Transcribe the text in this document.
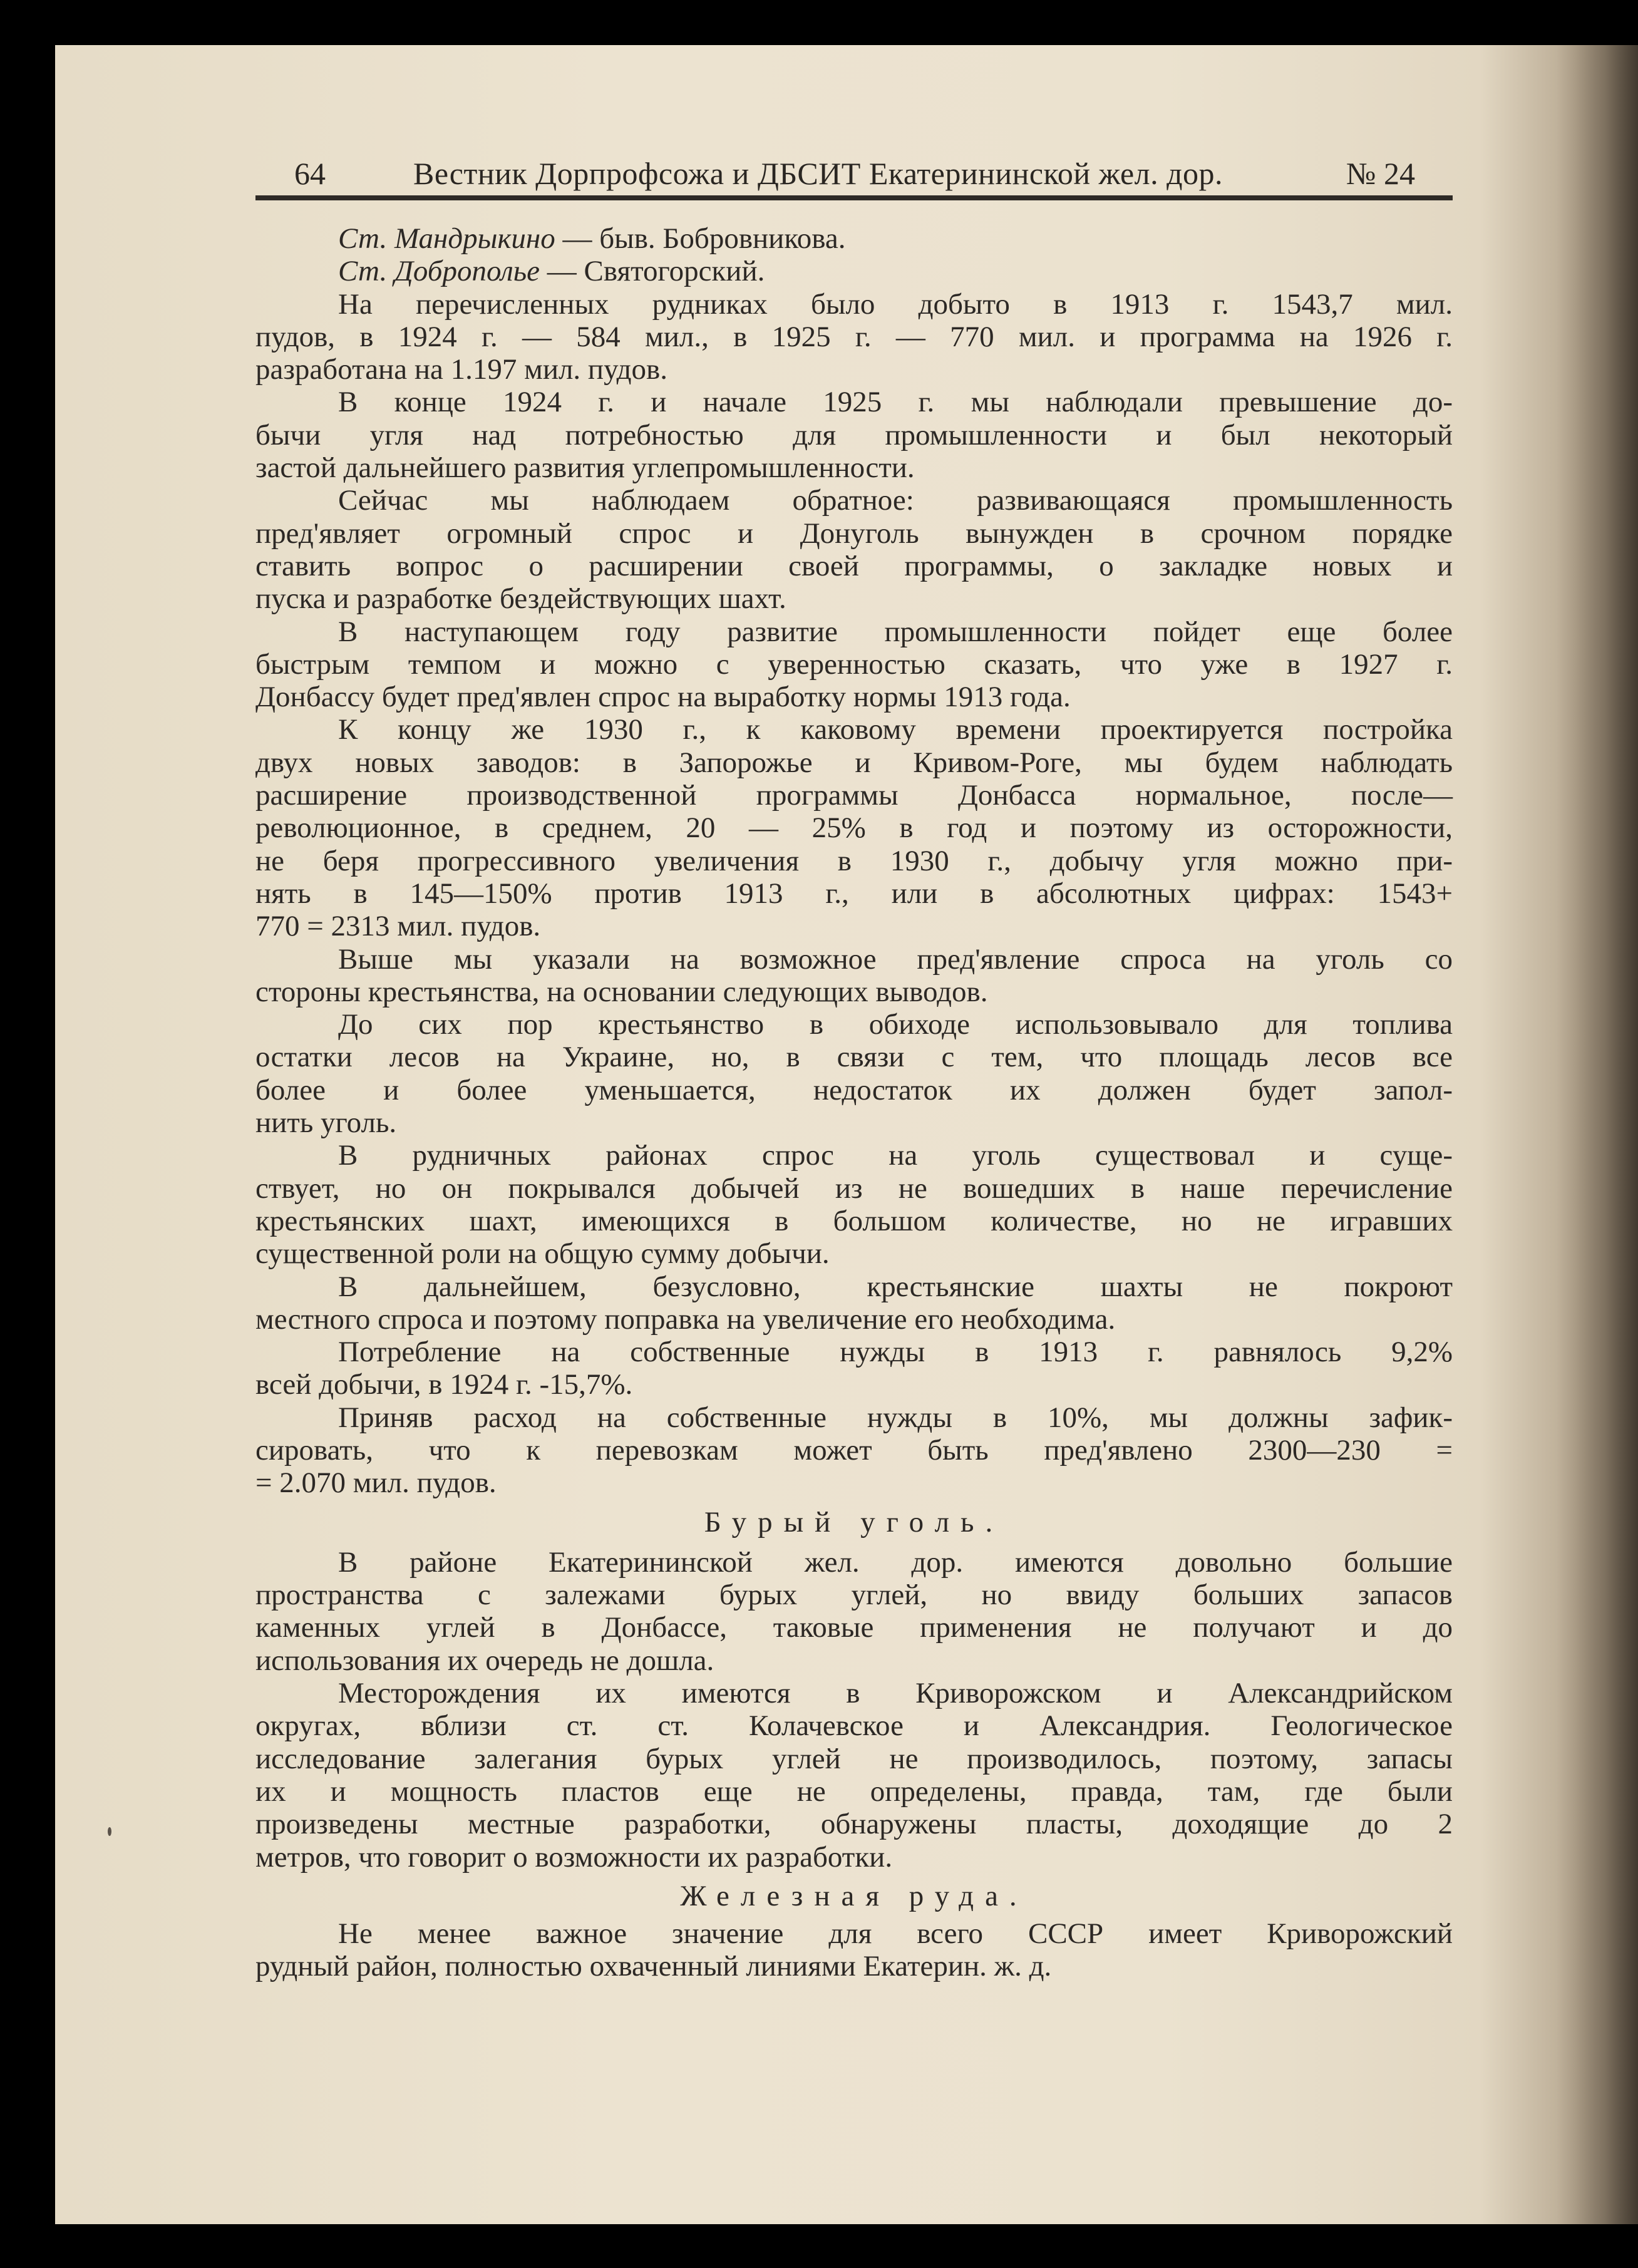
64	Вестник Дорпрофсожа и ДБСИТ Екатерининской жел. дор.	№ 24
Ст. Мандрыкино — быв. Бобровникова.
Ст. Доброполье — Святогорский.
На перечисленных рудниках было добыто в 1913 г. 1543,7 мил.
пудов, в 1924 г. — 584 мил., в 1925 г. — 770 мил. и программа на 1926 г.
разработана на 1.197 мил. пудов.
В конце 1924 г. и начале 1925 г. мы наблюдали превышение до-
бычи угля над потребностью для промышленности и был некоторый
застой дальнейшего развития углепромышленности.
Сейчас мы наблюдаем обратное: развивающаяся промышленность
пред'являет огромный спрос и Донуголь вынужден в срочном порядке
ставить вопрос о расширении своей программы, о закладке новых и
пуска и разработке бездействующих шахт.
В наступающем году развитие промышленности пойдет еще более
быстрым темпом и можно с уверенностью сказать, что уже в 1927 г.
Донбассу будет пред'явлен спрос на выработку нормы 1913 года.
К концу же 1930 г., к каковому времени проектируется постройка
двух новых заводов: в Запорожье и Кривом-Роге, мы будем наблюдать
расширение производственной программы Донбасса нормальное, после—
революционное, в среднем, 20 — 25% в год и поэтому из осторожности,
не беря прогрессивного увеличения в 1930 г., добычу угля можно при-
нять в 145—150% против 1913 г., или в абсолютных цифрах: 1543+
770 = 2313 мил. пудов.
Выше мы указали на возможное пред'явление спроса на уголь со
стороны крестьянства, на основании следующих выводов.
До сих пор крестьянство в обиходе использовывало для топлива
остатки лесов на Украине, но, в связи с тем, что площадь лесов все
более и более уменьшается, недостаток их должен будет запол-
нить уголь.
В рудничных районах спрос на уголь существовал и суще-
ствует, но он покрывался добычей из не вошедших в наше перечисление
крестьянских шахт, имеющихся в большом количестве, но не игравших
существенной роли на общую сумму добычи.
В дальнейшем, безусловно, крестьянские шахты не покроют
местного спроса и поэтому поправка на увеличение его необходима.
Потребление на собственные нужды в 1913 г. равнялось 9,2%
всей добычи, в 1924 г. -15,7%.
Приняв расход на собственные нужды в 10%, мы должны зафик-
сировать, что к перевозкам может быть пред'явлено 2300—230 =
= 2.070 мил. пудов.
Бурый уголь.
В районе Екатерининской жел. дор. имеются довольно большие
пространства с залежами бурых углей, но ввиду больших запасов
каменных углей в Донбассе, таковые применения не получают и до
использования их очередь не дошла.
Месторождения их имеются в Криворожском и Александрийском
округах, вблизи ст. ст. Колачевское и Александрия. Геологическое
исследование залегания бурых углей не производилось, поэтому, запасы
их и мощность пластов еще не определены, правда, там, где были
произведены местные разработки, обнаружены пласты, доходящие до 2
метров, что говорит о возможности их разработки.
Железная руда.
Не менее важное значение для всего СССР имеет Криворожский
рудный район, полностью охваченный линиями Екатерин. ж. д.
